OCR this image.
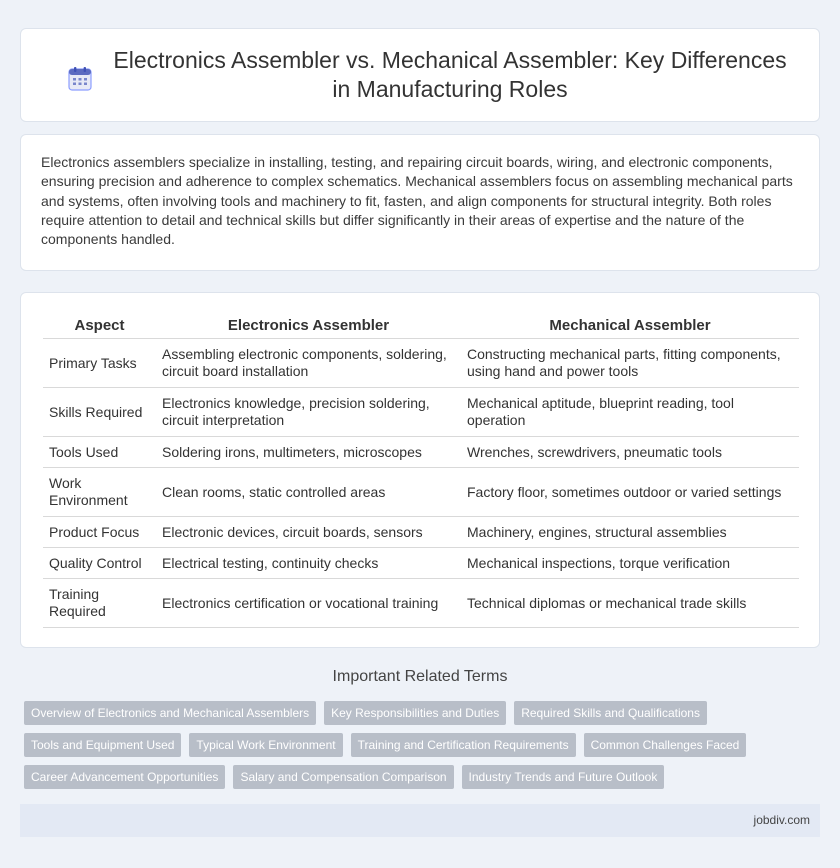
Electronics Assembler vs. Mechanical Assembler: Key Differences in Manufacturing Roles

Electronics assemblers specialize in installing, testing, and repairing circuit boards, wiring, and electronic components, ensuring precision and adherence to complex schematics. Mechanical assemblers focus on assembling mechanical parts and systems, often involving tools and machinery to fit, fasten, and align components for structural integrity. Both roles require attention to detail and technical skills but differ significantly in their areas of expertise and the nature of the components handled.

Aspect	Electronics Assembler	Mechanical Assembler
Primary Tasks	Assembling electronic components, soldering, circuit board installation	Constructing mechanical parts, fitting components, using hand and power tools
Skills Required	Electronics knowledge, precision soldering, circuit interpretation	Mechanical aptitude, blueprint reading, tool operation
Tools Used	Soldering irons, multimeters, microscopes	Wrenches, screwdrivers, pneumatic tools
Work Environment	Clean rooms, static controlled areas	Factory floor, sometimes outdoor or varied settings
Product Focus	Electronic devices, circuit boards, sensors	Machinery, engines, structural assemblies
Quality Control	Electrical testing, continuity checks	Mechanical inspections, torque verification
Training Required	Electronics certification or vocational training	Technical diplomas or mechanical trade skills
Important Related Terms
Overview of Electronics and Mechanical Assemblers	Key Responsibilities and Duties	Required Skills and Qualifications
Tools and Equipment Used	Typical Work Environment	Training and Certification Requirements	Common Challenges Faced
Career Advancement Opportunities	Salary and Compensation Comparison	Industry Trends and Future Outlook
jobdiv.com
